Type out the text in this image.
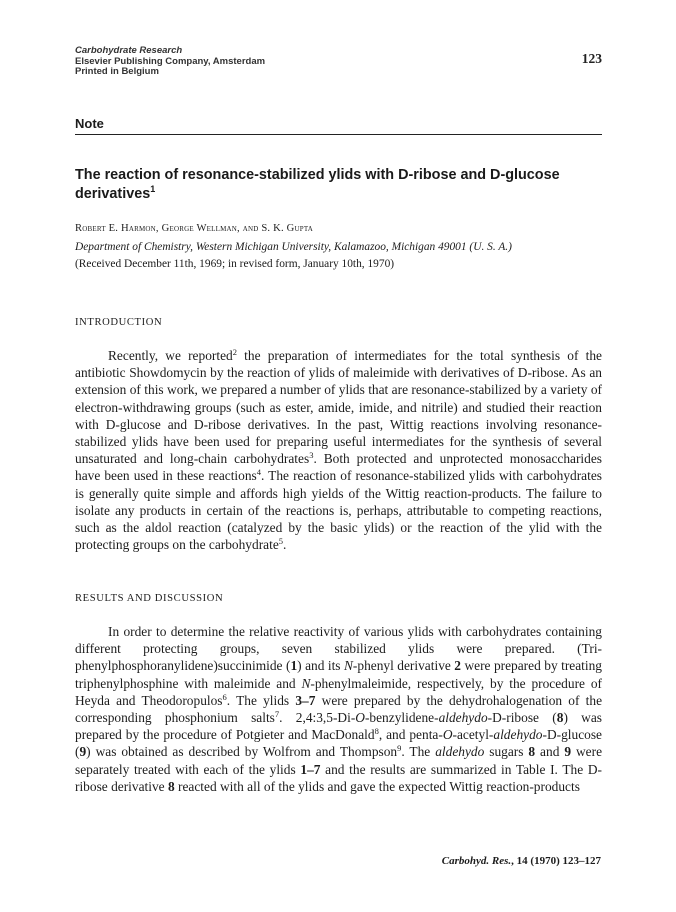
Carbohydrate Research
Elsevier Publishing Company, Amsterdam
Printed in Belgium
123
Note
The reaction of resonance-stabilized ylids with D-ribose and D-glucose derivatives$^1$
Robert E. Harmon, George Wellman, and S. K. Gupta
Department of Chemistry, Western Michigan University, Kalamazoo, Michigan 49001 (U. S. A.)
(Received December 11th, 1969; in revised form, January 10th, 1970)
INTRODUCTION

Recently, we reported$^2$ the preparation of intermediates for the total synthesis of the antibiotic Showdomycin by the reaction of ylids of maleimide with derivatives of D-ribose. As an extension of this work, we prepared a number of ylids that are resonance-stabilized by a variety of electron-withdrawing groups (such as ester, amide, imide, and nitrile) and studied their reaction with D-glucose and D-ribose derivatives. In the past, Wittig reactions involving resonance-stabilized ylids have been used for preparing useful intermediates for the synthesis of several unsaturated and long-chain carbohydrates$^3$. Both protected and unprotected monosaccharides have been used in these reactions$^4$. The reaction of resonance-stabilized ylids with carbohydrates is generally quite simple and affords high yields of the Wittig reaction-products. The failure to isolate any products in certain of the reactions is, perhaps, attributable to competing reactions, such as the aldol reaction (catalyzed by the basic ylids) or the reaction of the ylid with the protecting groups on the carbohydrate$^5$.

RESULTS AND DISCUSSION

In order to determine the relative reactivity of various ylids with carbohydrates containing different protecting groups, seven stabilized ylids were prepared. (Tri-phenylphosphoranylidene)succinimide (1) and its N-phenyl derivative 2 were prepared by treating triphenylphosphine with maleimide and N-phenylmaleimide, respectively, by the procedure of Heyda and Theodoropulos$^6$. The ylids 3–7 were prepared by the dehydrohalogenation of the corresponding phosphonium salts$^7$. 2,4:3,5-Di-O-benzylidene-aldehydo-D-ribose (8) was prepared by the procedure of Potgieter and MacDonald$^8$, and penta-O-acetyl-aldehydo-D-glucose (9) was obtained as described by Wolfrom and Thompson$^9$. The aldehydo sugars 8 and 9 were separately treated with each of the ylids 1–7 and the results are summarized in Table I. The D-ribose derivative 8 reacted with all of the ylids and gave the expected Wittig reaction-products

Carbohyd. Res., 14 (1970) 123–127
